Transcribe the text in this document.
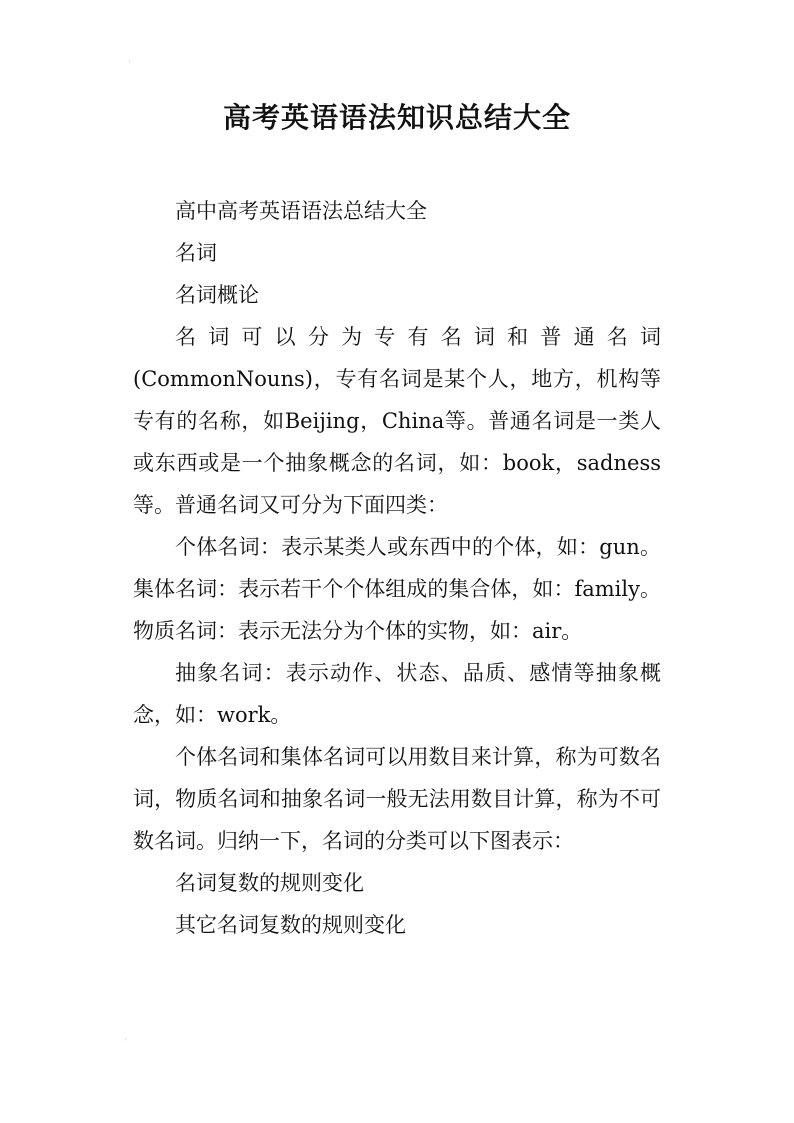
'
,
高考英语语法知识总结大全

高中高考英语语法总结大全

名词

名词概论

名词可以分为专有名词和普通名词(CommonNouns)，专有名词是某个人，地方，机构等专有的名称，如Beijing，China等。普通名词是一类人或东西或是一个抽象概念的名词，如：book，sadness等。普通名词又可分为下面四类：

个体名词：表示某类人或东西中的个体，如：gun。集体名词：表示若干个个体组成的集合体，如：family。物质名词：表示无法分为个体的实物，如：air。

抽象名词：表示动作、状态、品质、感情等抽象概念，如：work。

个体名词和集体名词可以用数目来计算，称为可数名词，物质名词和抽象名词一般无法用数目计算，称为不可数名词。归纳一下，名词的分类可以下图表示：

名词复数的规则变化

其它名词复数的规则变化
